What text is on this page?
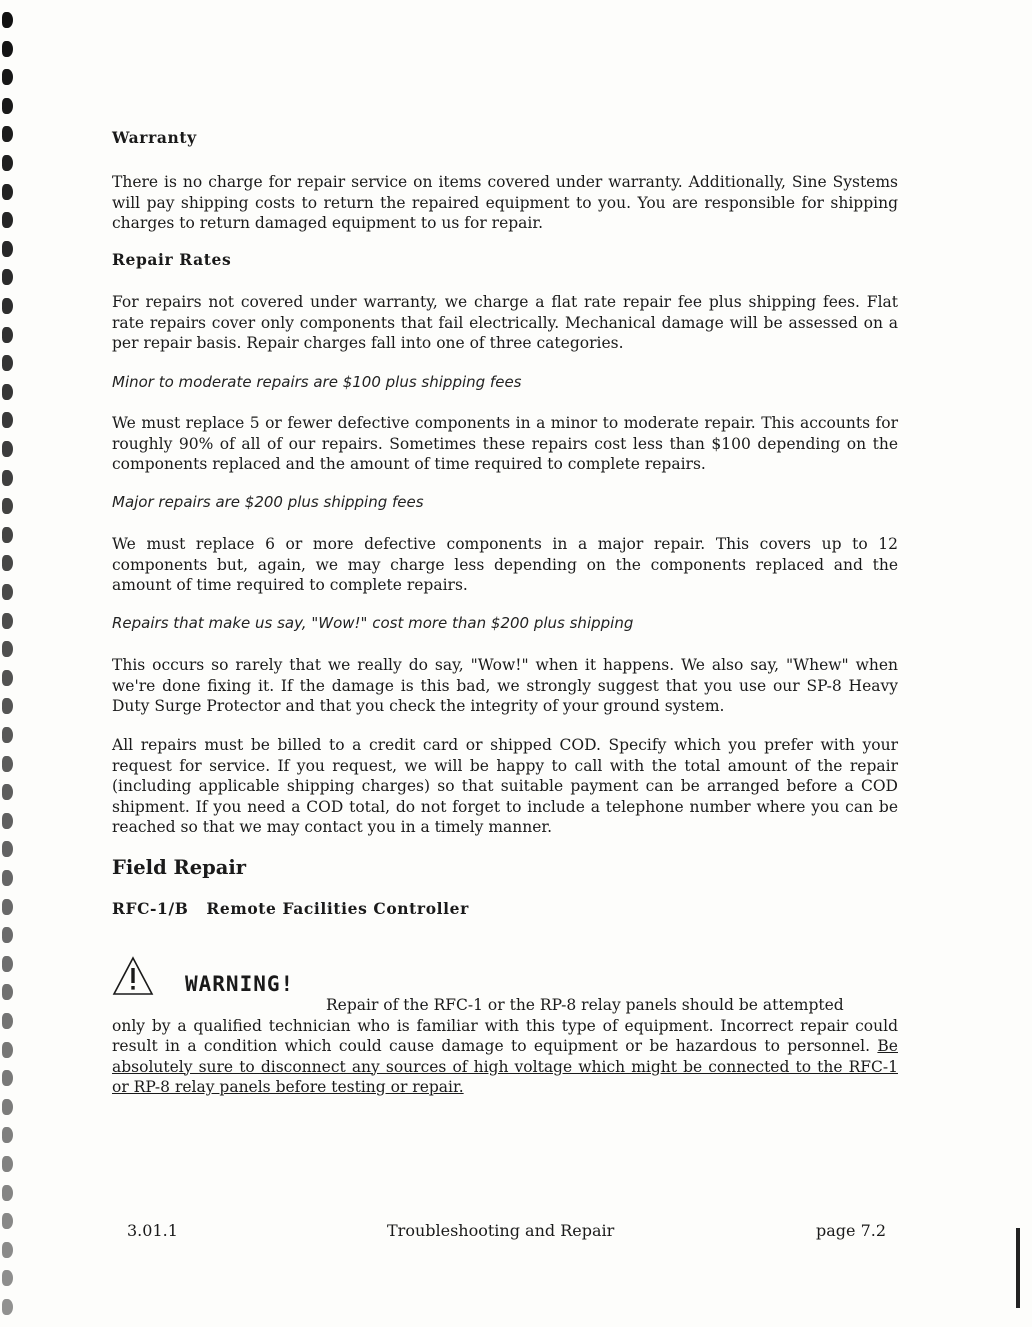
Warranty

There is no charge for repair service on items covered under warranty. Additionally, Sine Systems will pay shipping costs to return the repaired equipment to you. You are responsible for shipping charges to return damaged equipment to us for repair.

Repair Rates

For repairs not covered under warranty, we charge a flat rate repair fee plus shipping fees. Flat rate repairs cover only components that fail electrically. Mechanical damage will be assessed on a per repair basis. Repair charges fall into one of three categories.

Minor to moderate repairs are $100 plus shipping fees

We must replace 5 or fewer defective components in a minor to moderate repair. This accounts for roughly 90% of all of our repairs. Sometimes these repairs cost less than $100 depending on the components replaced and the amount of time required to complete repairs.

Major repairs are $200 plus shipping fees

We must replace 6 or more defective components in a major repair. This covers up to 12 components but, again, we may charge less depending on the components replaced and the amount of time required to complete repairs.

Repairs that make us say, "Wow!" cost more than $200 plus shipping

This occurs so rarely that we really do say, "Wow!" when it happens. We also say, "Whew" when we're done fixing it. If the damage is this bad, we strongly suggest that you use our SP-8 Heavy Duty Surge Protector and that you check the integrity of your ground system.

All repairs must be billed to a credit card or shipped COD. Specify which you prefer with your request for service. If you request, we will be happy to call with the total amount of the repair (including applicable shipping charges) so that suitable payment can be arranged before a COD shipment. If you need a COD total, do not forget to include a telephone number where you can be reached so that we may contact you in a timely manner.

Field Repair
RFC-1/B   Remote Facilities Controller
WARNING!
Repair of the RFC-1 or the RP-8 relay panels should be attempted
only by a qualified technician who is familiar with this type of equipment. Incorrect repair could result in a condition which could cause damage to equipment or be hazardous to personnel. Be absolutely sure to disconnect any sources of high voltage which might be connected to the RFC-1 or RP-8 relay panels before testing or repair.
3.01.1	Troubleshooting and Repair	page 7.2
